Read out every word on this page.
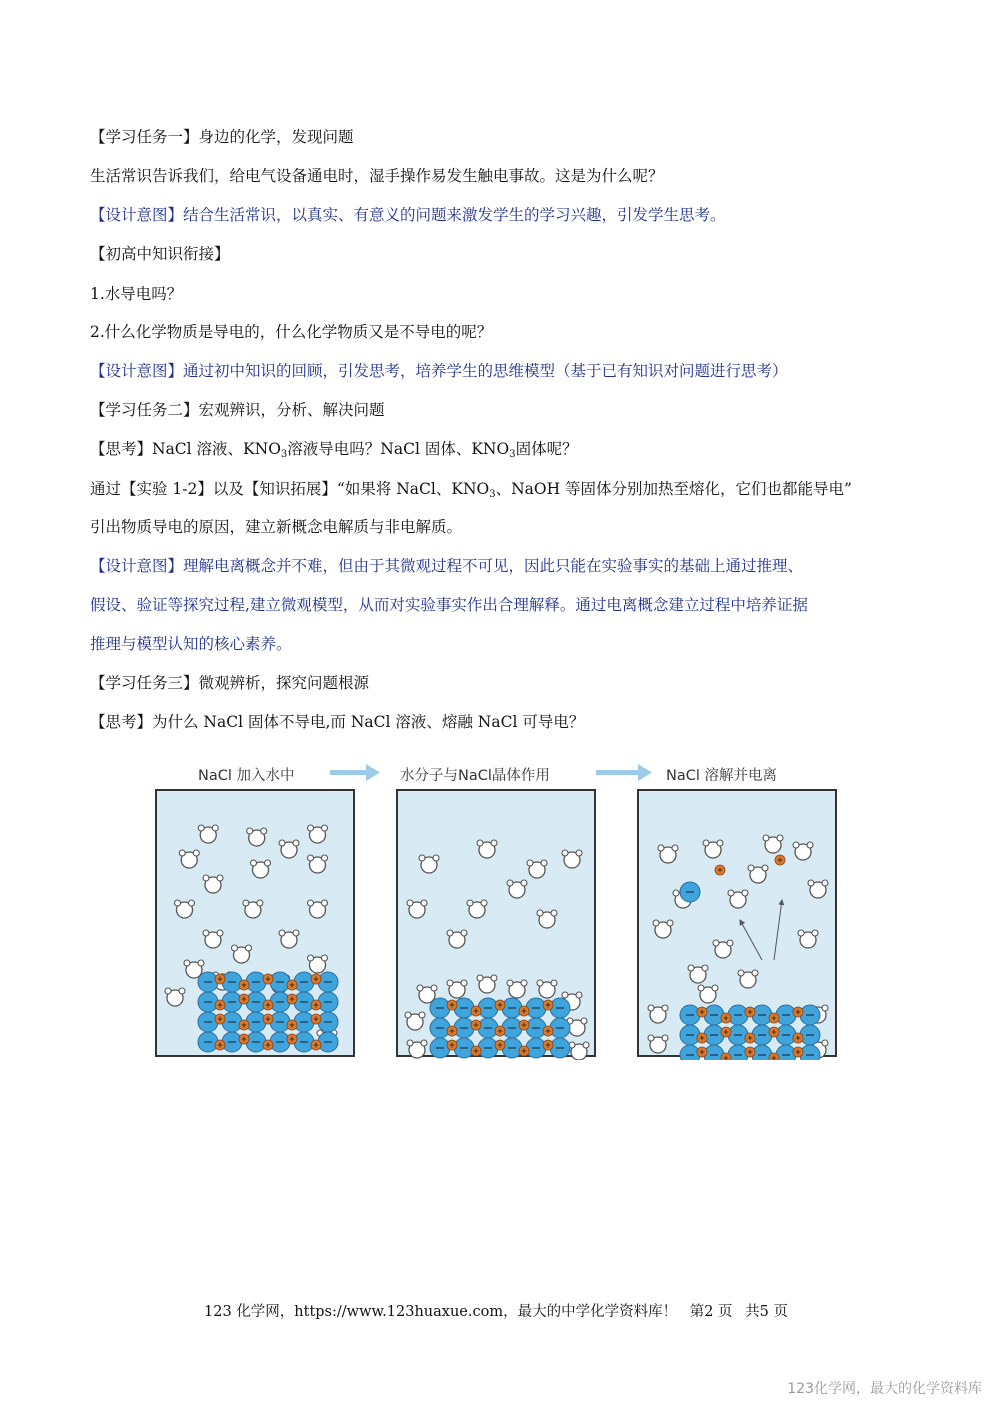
【学习任务一】身边的化学，发现问题
生活常识告诉我们，给电气设备通电时，湿手操作易发生触电事故。这是为什么呢？
【设计意图】结合生活常识，以真实、有意义的问题来激发学生的学习兴趣，引发学生思考。
【初高中知识衔接】
1.水导电吗？
2.什么化学物质是导电的，什么化学物质又是不导电的呢？
【设计意图】通过初中知识的回顾，引发思考，培养学生的思维模型（基于已有知识对问题进行思考）
【学习任务二】宏观辨识，分析、解决问题
【思考】NaCl 溶液、$KNO_3$溶液导电吗？NaCl 固体、$KNO_3$固体呢？
通过【实验 1-2】以及【知识拓展】“如果将 NaCl、$KNO_3$、NaOH 等固体分别加热至熔化，它们也都能导电”
引出物质导电的原因，建立新概念电解质与非电解质。
【设计意图】理解电离概念并不难，但由于其微观过程不可见，因此只能在实验事实的基础上通过推理、
假设、验证等探究过程,建立微观模型，从而对实验事实作出合理解释。通过电离概念建立过程中培养证据
推理与模型认知的核心素养。
【学习任务三】微观辨析，探究问题根源
【思考】为什么 NaCl 固体不导电,而 NaCl 溶液、熔融 NaCl 可导电？
NaCl 加入水中	水分子与NaCl晶体作用	NaCl 溶解并电离
123 化学网，https://www.123huaxue.com，最大的中学化学资料库！ 第2 页 共5 页
123化学网，最大的化学资料库
